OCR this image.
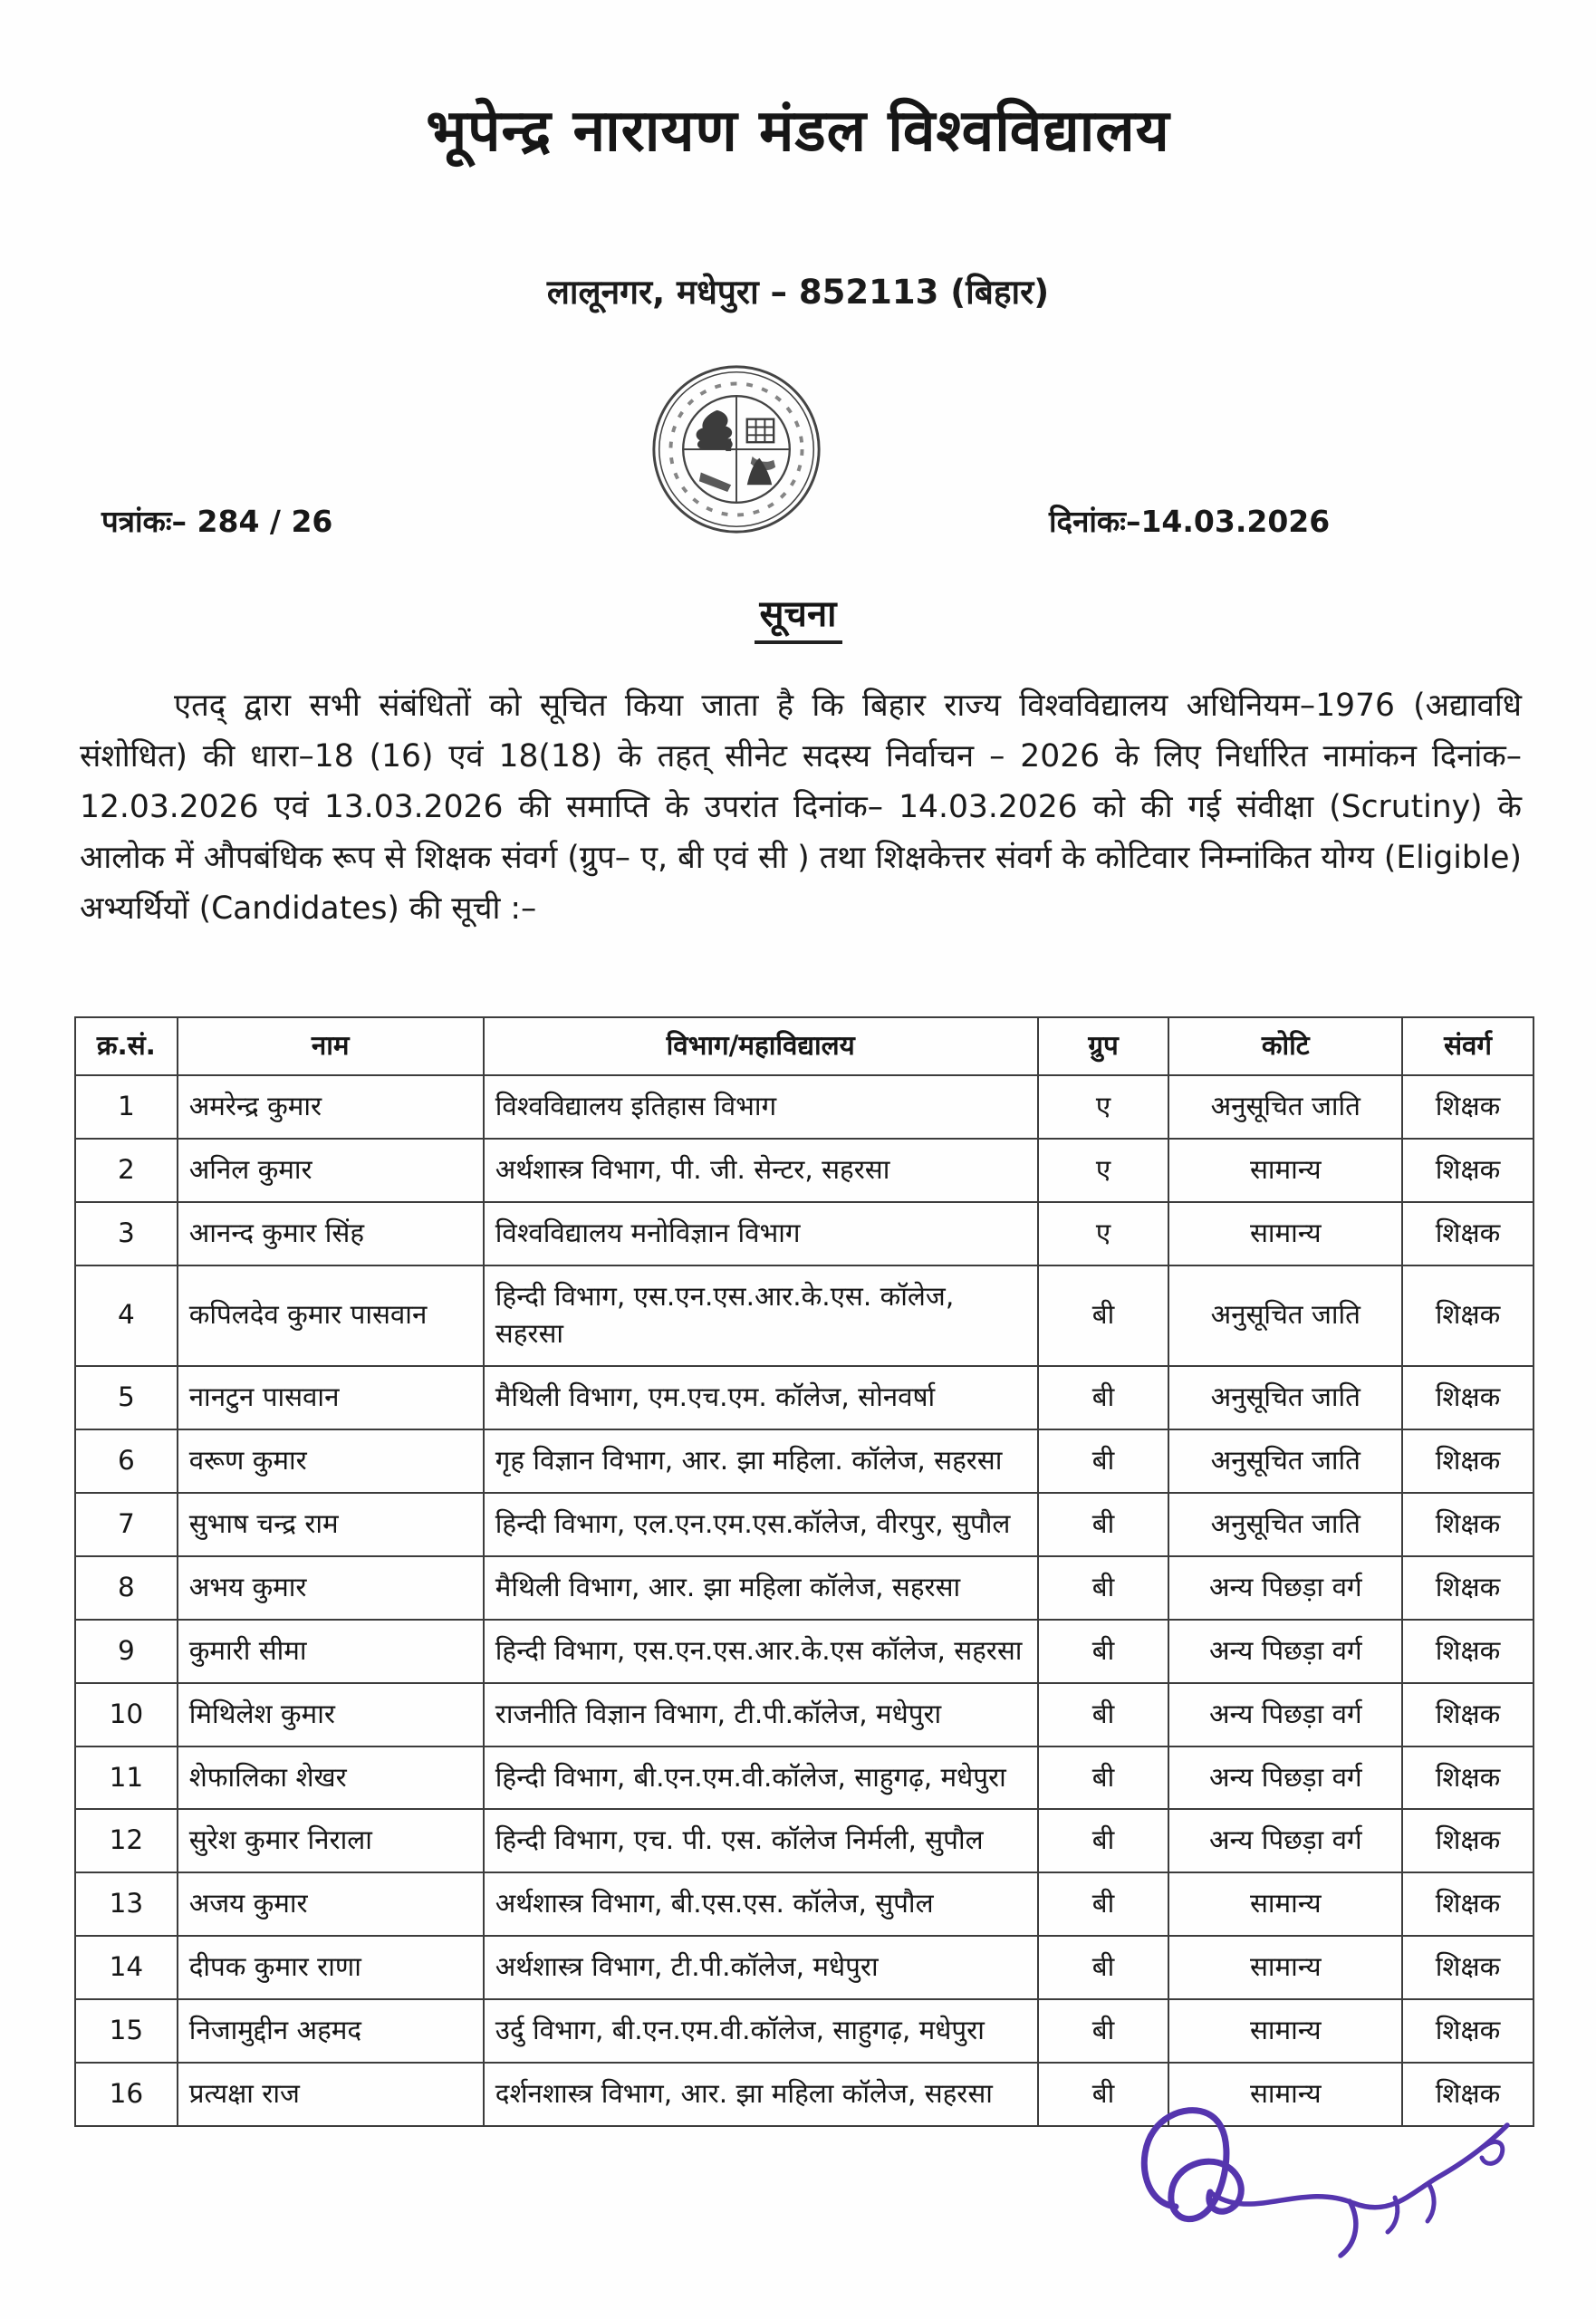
भूपेन्द्र नारायण मंडल विश्वविद्यालय
लालूनगर, मधेपुरा – 852113 (बिहार)
पत्रांकः– 284 / 26	दिनांकः–14.03.2026
सूचना
एतद् द्वारा सभी संबंधितों को सूचित किया जाता है कि बिहार राज्य विश्वविद्यालय अधिनियम–1976 (अद्यावधि संशोधित) की धारा–18 (16) एवं 18(18) के तहत् सीनेट सदस्य निर्वाचन – 2026 के लिए निर्धारित नामांकन दिनांक– 12.03.2026 एवं 13.03.2026 की समाप्ति के उपरांत दिनांक– 14.03.2026 को की गई संवीक्षा (Scrutiny) के आलोक में औपबंधिक रूप से शिक्षक संवर्ग (ग्रुप– ए, बी एवं सी ) तथा शिक्षकेत्तर संवर्ग के कोटिवार निम्नांकित योग्य (Eligible) अभ्यर्थियों (Candidates) की सूची :–
क्र.सं.	नाम	विभाग/महाविद्यालय	ग्रुप	कोटि	संवर्ग
1	अमरेन्द्र कुमार	विश्वविद्यालय इतिहास विभाग	ए	अनुसूचित जाति	शिक्षक
2	अनिल कुमार	अर्थशास्त्र विभाग, पी. जी. सेन्टर, सहरसा	ए	सामान्य	शिक्षक
3	आनन्द कुमार सिंह	विश्वविद्यालय मनोविज्ञान विभाग	ए	सामान्य	शिक्षक
4	कपिलदेव कुमार पासवान	हिन्दी विभाग, एस.एन.एस.आर.के.एस. कॉलेज, सहरसा	बी	अनुसूचित जाति	शिक्षक
5	नानटुन पासवान	मैथिली विभाग, एम.एच.एम. कॉलेज, सोनवर्षा	बी	अनुसूचित जाति	शिक्षक
6	वरूण कुमार	गृह विज्ञान विभाग, आर. झा महिला. कॉलेज, सहरसा	बी	अनुसूचित जाति	शिक्षक
7	सुभाष चन्द्र राम	हिन्दी विभाग, एल.एन.एम.एस.कॉलेज, वीरपुर, सुपौल	बी	अनुसूचित जाति	शिक्षक
8	अभय कुमार	मैथिली विभाग, आर. झा महिला कॉलेज, सहरसा	बी	अन्य पिछड़ा वर्ग	शिक्षक
9	कुमारी सीमा	हिन्दी विभाग, एस.एन.एस.आर.के.एस कॉलेज, सहरसा	बी	अन्य पिछड़ा वर्ग	शिक्षक
10	मिथिलेश कुमार	राजनीति विज्ञान विभाग, टी.पी.कॉलेज, मधेपुरा	बी	अन्य पिछड़ा वर्ग	शिक्षक
11	शेफालिका शेखर	हिन्दी विभाग, बी.एन.एम.वी.कॉलेज, साहुगढ़, मधेपुरा	बी	अन्य पिछड़ा वर्ग	शिक्षक
12	सुरेश कुमार निराला	हिन्दी विभाग, एच. पी. एस. कॉलेज निर्मली, सुपौल	बी	अन्य पिछड़ा वर्ग	शिक्षक
13	अजय कुमार	अर्थशास्त्र विभाग, बी.एस.एस. कॉलेज, सुपौल	बी	सामान्य	शिक्षक
14	दीपक कुमार राणा	अर्थशास्त्र विभाग, टी.पी.कॉलेज, मधेपुरा	बी	सामान्य	शिक्षक
15	निजामुद्दीन अहमद	उर्दु विभाग, बी.एन.एम.वी.कॉलेज, साहुगढ़, मधेपुरा	बी	सामान्य	शिक्षक
16	प्रत्यक्षा राज	दर्शनशास्त्र विभाग, आर. झा महिला कॉलेज, सहरसा	बी	सामान्य	शिक्षक
